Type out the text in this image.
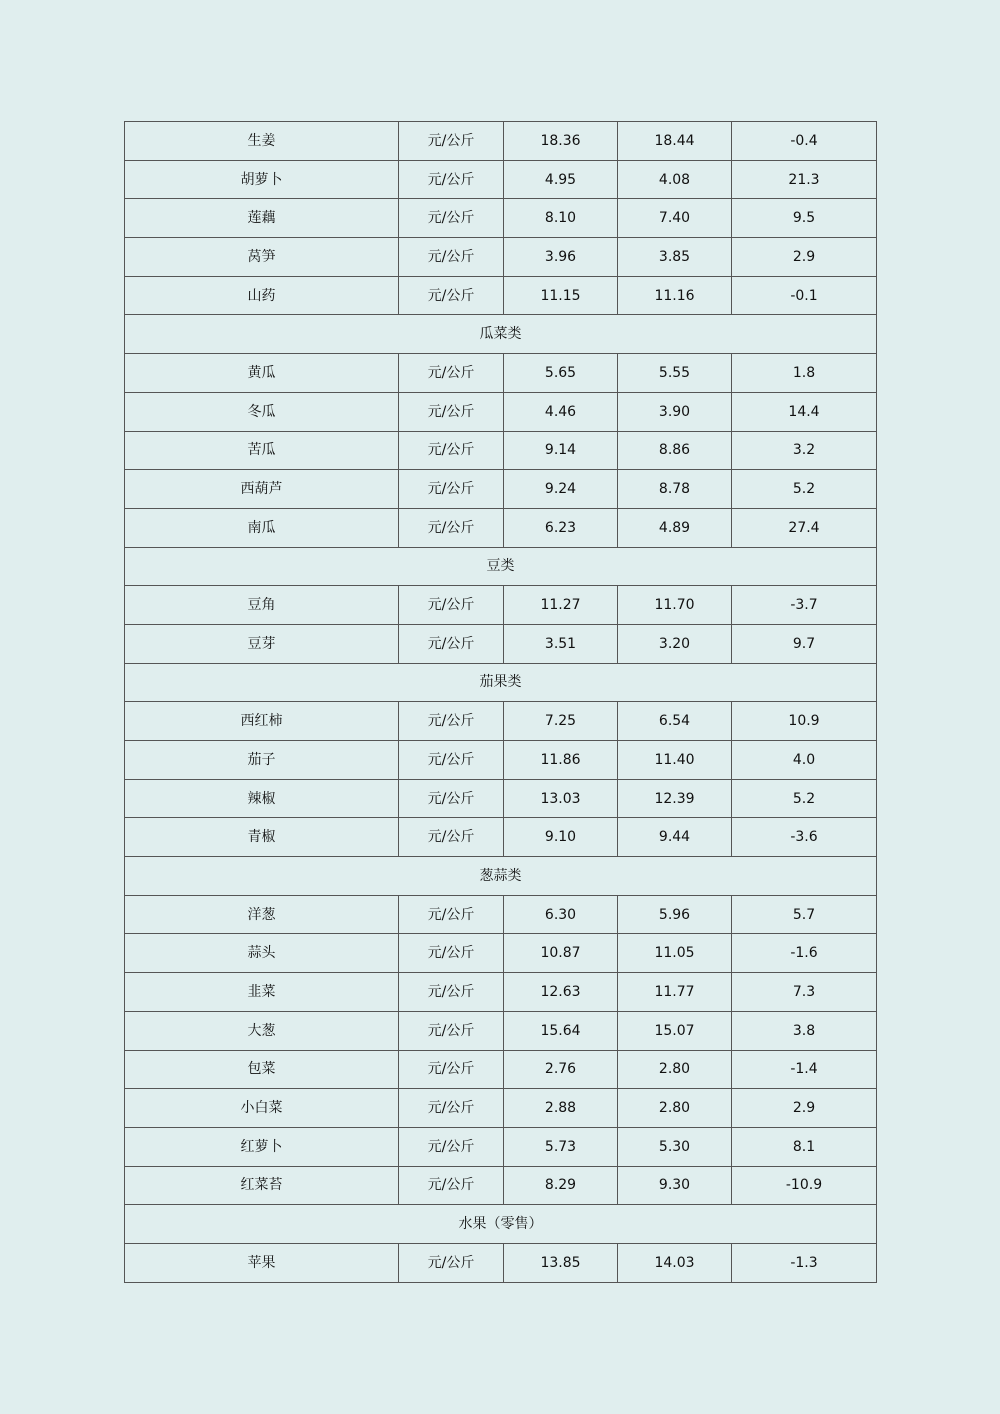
生姜	元/公斤	18.36	18.44	-0.4
胡萝卜	元/公斤	4.95	4.08	21.3
莲藕	元/公斤	8.10	7.40	9.5
莴笋	元/公斤	3.96	3.85	2.9
山药	元/公斤	11.15	11.16	-0.1
瓜菜类				
黄瓜	元/公斤	5.65	5.55	1.8
冬瓜	元/公斤	4.46	3.90	14.4
苦瓜	元/公斤	9.14	8.86	3.2
西葫芦	元/公斤	9.24	8.78	5.2
南瓜	元/公斤	6.23	4.89	27.4
豆类				
豆角	元/公斤	11.27	11.70	-3.7
豆芽	元/公斤	3.51	3.20	9.7
茄果类				
西红柿	元/公斤	7.25	6.54	10.9
茄子	元/公斤	11.86	11.40	4.0
辣椒	元/公斤	13.03	12.39	5.2
青椒	元/公斤	9.10	9.44	-3.6
葱蒜类				
洋葱	元/公斤	6.30	5.96	5.7
蒜头	元/公斤	10.87	11.05	-1.6
韭菜	元/公斤	12.63	11.77	7.3
大葱	元/公斤	15.64	15.07	3.8
包菜	元/公斤	2.76	2.80	-1.4
小白菜	元/公斤	2.88	2.80	2.9
红萝卜	元/公斤	5.73	5.30	8.1
红菜苔	元/公斤	8.29	9.30	-10.9
水果（零售）				
苹果	元/公斤	13.85	14.03	-1.3
